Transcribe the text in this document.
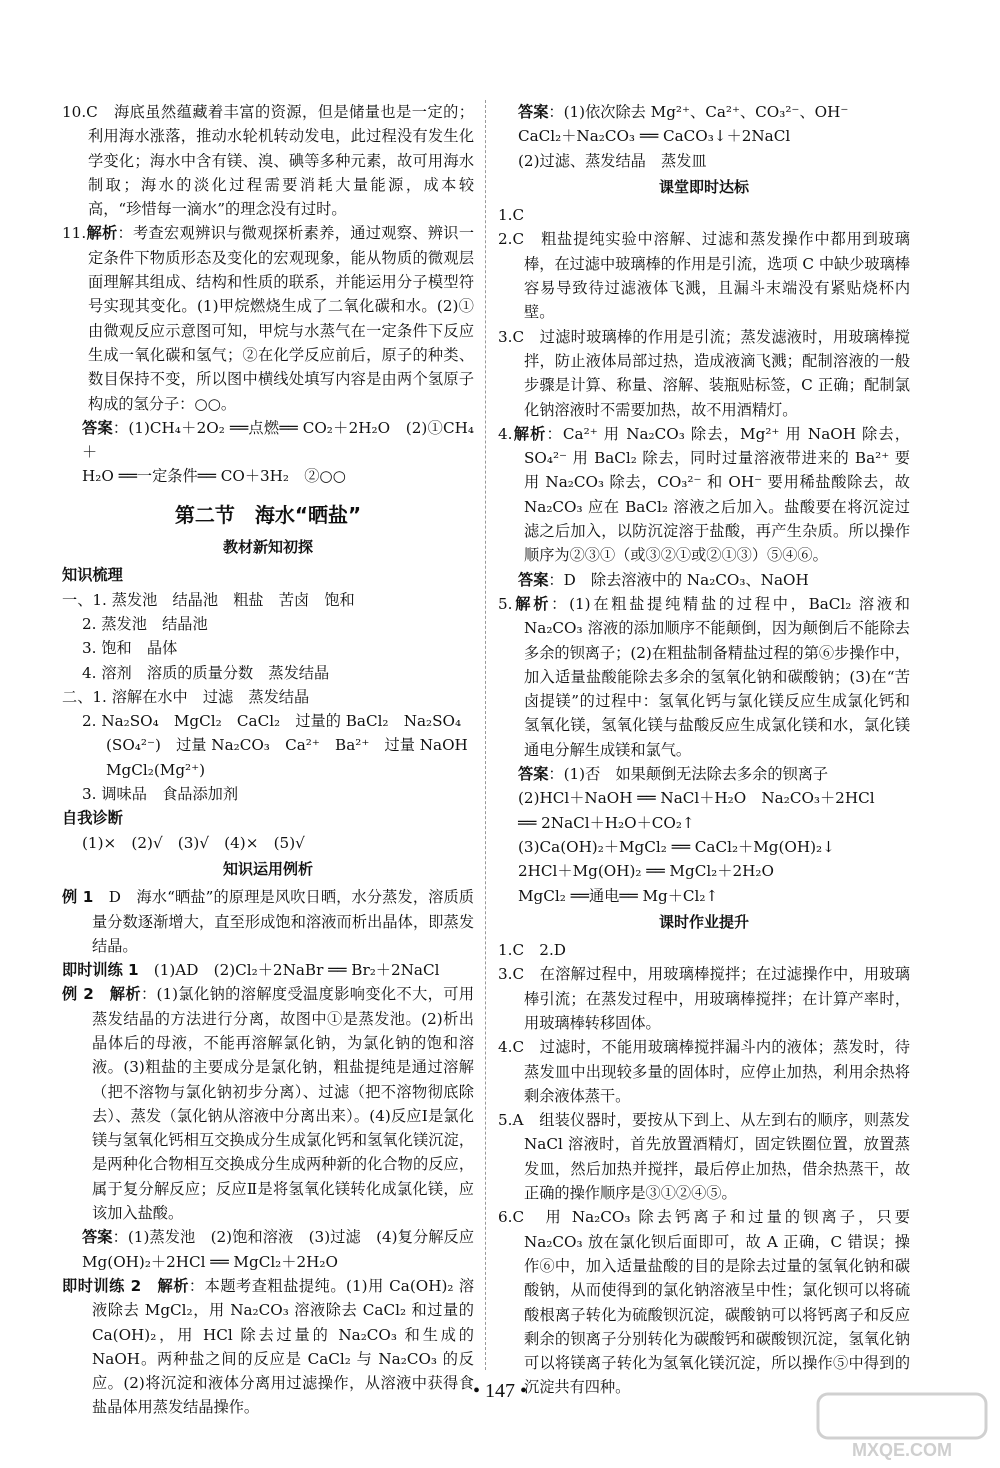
10.C　海底虽然蕴藏着丰富的资源，但是储量也是一定的；利用海水涨落，推动水轮机转动发电，此过程没有发生化学变化；海水中含有镁、溴、碘等多种元素，故可用海水制取；海水的淡化过程需要消耗大量能源，成本较高，“珍惜每一滴水”的理念没有过时。

11.解析：考查宏观辨识与微观探析素养，通过观察、辨识一定条件下物质形态及变化的宏观现象，能从物质的微观层面理解其组成、结构和性质的联系，并能运用分子模型符号实现其变化。(1)甲烷燃烧生成了二氧化碳和水。(2)①由微观反应示意图可知，甲烷与水蒸气在一定条件下反应生成一氧化碳和氢气；②在化学反应前后，原子的种类、数目保持不变，所以图中横线处填写内容是由两个氢原子构成的氢分子：○○。

答案：(1)CH₄＋2O₂ ══点燃══ CO₂＋2H₂O　(2)①CH₄＋

H₂O ══一定条件══ CO＋3H₂　②○○

第二节　海水“晒盐”
教材新知初探

知识梳理

一、1. 蒸发池　结晶池　粗盐　苦卤　饱和

2. 蒸发池　结晶池

3. 饱和　晶体

4. 溶剂　溶质的质量分数　蒸发结晶

二、1. 溶解在水中　过滤　蒸发结晶

2. Na₂SO₄　MgCl₂　CaCl₂　过量的 BaCl₂　Na₂SO₄

(SO₄²⁻)　过量 Na₂CO₃　Ca²⁺　Ba²⁺　过量 NaOH

MgCl₂(Mg²⁺)

3. 调味品　食品添加剂

自我诊断

(1)×　(2)√　(3)√　(4)×　(5)√

知识运用例析

例 1　D　海水“晒盐”的原理是风吹日晒，水分蒸发，溶质质量分数逐渐增大，直至形成饱和溶液而析出晶体，即蒸发结晶。

即时训练 1　(1)AD　(2)Cl₂＋2NaBr ══ Br₂＋2NaCl

例 2　 解析：(1)氯化钠的溶解度受温度影响变化不大，可用蒸发结晶的方法进行分离，故图中①是蒸发池。(2)析出晶体后的母液，不能再溶解氯化钠，为氯化钠的饱和溶液。(3)粗盐的主要成分是氯化钠，粗盐提纯是通过溶解（把不溶物与氯化钠初步分离）、过滤（把不溶物彻底除去）、蒸发（氯化钠从溶液中分离出来）。(4)反应Ⅰ是氯化镁与氢氧化钙相互交换成分生成氯化钙和氢氧化镁沉淀，是两种化合物相互交换成分生成两种新的化合物的反应，属于复分解反应；反应Ⅱ是将氢氧化镁转化成氯化镁，应该加入盐酸。

答案：(1)蒸发池　(2)饱和溶液　(3)过滤　(4)复分解反应　Mg(OH)₂＋2HCl ══ MgCl₂＋2H₂O

即时训练 2　 解析：本题考查粗盐提纯。(1)用 Ca(OH)₂ 溶液除去 MgCl₂，用 Na₂CO₃ 溶液除去 CaCl₂ 和过量的 Ca(OH)₂，用 HCl 除去过量的 Na₂CO₃ 和生成的 NaOH。两种盐之间的反应是 CaCl₂ 与 Na₂CO₃ 的反应。(2)将沉淀和液体分离用过滤操作，从溶液中获得食盐晶体用蒸发结晶操作。

答案：(1)依次除去 Mg²⁺、Ca²⁺、CO₃²⁻、OH⁻

CaCl₂＋Na₂CO₃ ══ CaCO₃↓＋2NaCl

(2)过滤、蒸发结晶　蒸发皿

课堂即时达标

1.C

2.C　粗盐提纯实验中溶解、过滤和蒸发操作中都用到玻璃棒，在过滤中玻璃棒的作用是引流，选项 C 中缺少玻璃棒容易导致待过滤液体飞溅，且漏斗末端没有紧贴烧杯内壁。

3.C　过滤时玻璃棒的作用是引流；蒸发滤液时，用玻璃棒搅拌，防止液体局部过热，造成液滴飞溅；配制溶液的一般步骤是计算、称量、溶解、装瓶贴标签，C 正确；配制氯化钠溶液时不需要加热，故不用酒精灯。

4.解析：Ca²⁺ 用 Na₂CO₃ 除去，Mg²⁺ 用 NaOH 除去，SO₄²⁻ 用 BaCl₂ 除去，同时过量溶液带进来的 Ba²⁺ 要用 Na₂CO₃ 除去，CO₃²⁻ 和 OH⁻ 要用稀盐酸除去，故 Na₂CO₃ 应在 BaCl₂ 溶液之后加入。盐酸要在将沉淀过滤之后加入，以防沉淀溶于盐酸，再产生杂质。所以操作顺序为②③①（或③②①或②①③）⑤④⑥。

答案：D　除去溶液中的 Na₂CO₃、NaOH

5.解析：(1)在粗盐提纯精盐的过程中，BaCl₂ 溶液和 Na₂CO₃ 溶液的添加顺序不能颠倒，因为颠倒后不能除去多余的钡离子；(2)在粗盐制备精盐过程的第⑥步操作中，加入适量盐酸能除去多余的氢氧化钠和碳酸钠；(3)在“苦卤提镁”的过程中：氢氧化钙与氯化镁反应生成氯化钙和氢氧化镁，氢氧化镁与盐酸反应生成氯化镁和水，氯化镁通电分解生成镁和氯气。

答案：(1)否　如果颠倒无法除去多余的钡离子

(2)HCl＋NaOH ══ NaCl＋H₂O　Na₂CO₃＋2HCl

══ 2NaCl＋H₂O＋CO₂↑

(3)Ca(OH)₂＋MgCl₂ ══ CaCl₂＋Mg(OH)₂↓

2HCl＋Mg(OH)₂ ══ MgCl₂＋2H₂O

MgCl₂ ══通电══ Mg＋Cl₂↑

课时作业提升

1.C　2.D

3.C　在溶解过程中，用玻璃棒搅拌；在过滤操作中，用玻璃棒引流；在蒸发过程中，用玻璃棒搅拌；在计算产率时，用玻璃棒转移固体。

4.C　过滤时，不能用玻璃棒搅拌漏斗内的液体；蒸发时，待蒸发皿中出现较多量的固体时，应停止加热，利用余热将剩余液体蒸干。

5.A　组装仪器时，要按从下到上、从左到右的顺序，则蒸发 NaCl 溶液时，首先放置酒精灯，固定铁圈位置，放置蒸发皿，然后加热并搅拌，最后停止加热，借余热蒸干，故正确的操作顺序是③①②④⑤。

6.C　用 Na₂CO₃ 除去钙离子和过量的钡离子，只要 Na₂CO₃ 放在氯化钡后面即可，故 A 正确，C 错误；操作⑥中，加入适量盐酸的目的是除去过量的氢氧化钠和碳酸钠，从而使得到的氯化钠溶液呈中性；氯化钡可以将硫酸根离子转化为硫酸钡沉淀，碳酸钠可以将钙离子和反应剩余的钡离子分别转化为碳酸钙和碳酸钡沉淀，氢氧化钠可以将镁离子转化为氢氧化镁沉淀，所以操作⑤中得到的沉淀共有四种。

• 147 •
MXQE.COM
